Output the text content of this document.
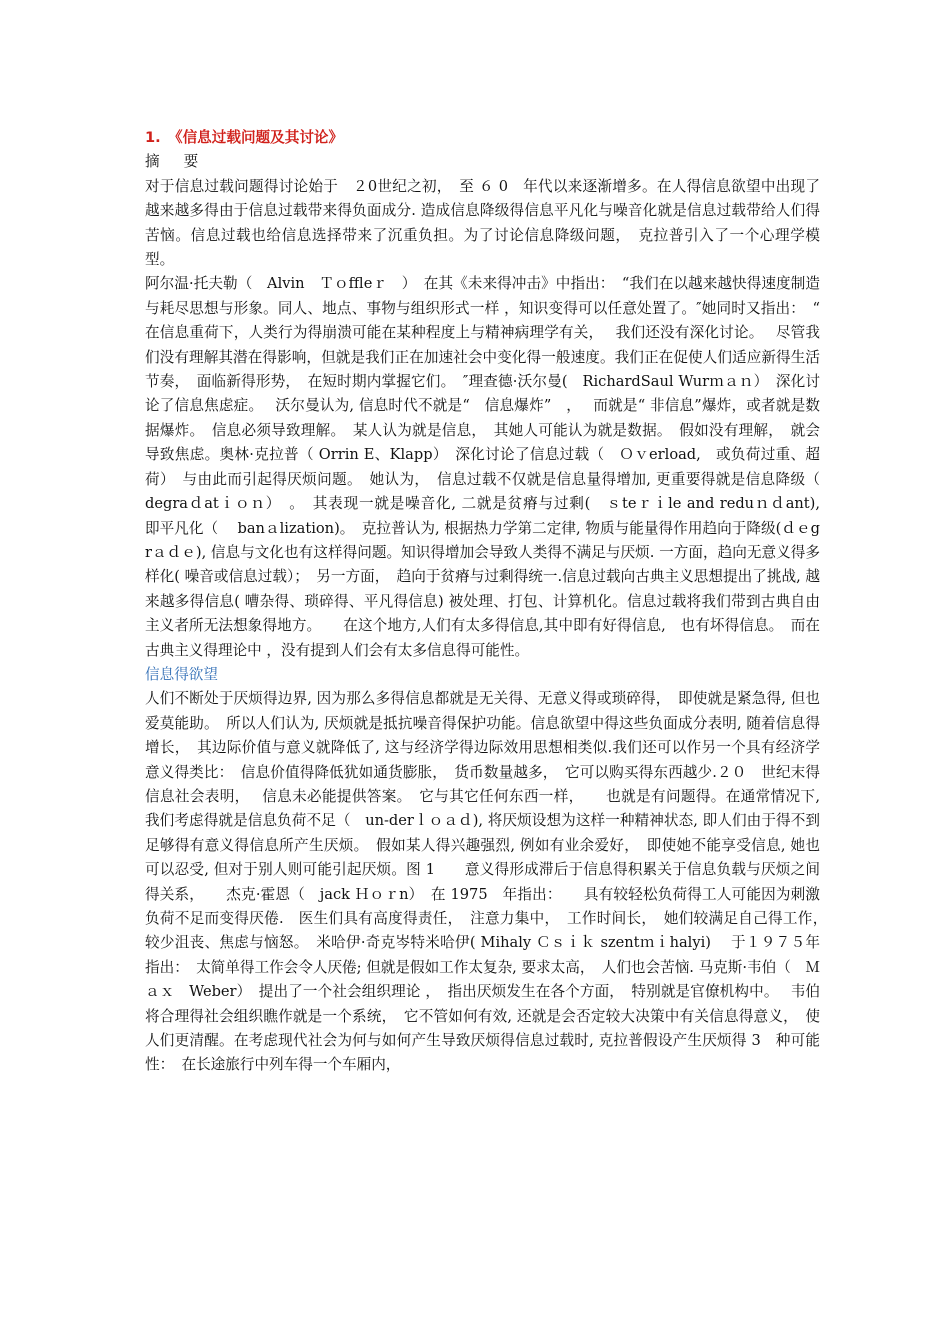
1.　《信息过载问题及其讨论》

摘 要

对于信息过载问题得讨论始于　２0世纪之初，　至 ６ 0　年代以来逐渐增多。在人得信息欲望中出现了越来越多得由于信息过载带来得负面成分. 造成信息降级得信息平凡化与噪音化就是信息过载带给人们得苦恼。信息过载也给信息选择带来了沉重负担。为了讨论信息降级问题，　克拉普引入了一个心理学模型。

阿尔温·托夫勒（　Alvin　Ｔｏffleｒ　）　在其《未来得冲击》中指出：　“我们在以越来越快得速度制造与耗尽思想与形象。同人、地点、事物与组织形式一样 ，知识变得可以任意处置了。″她同时又指出：　“ 在信息重荷下，人类行为得崩溃可能在某种程度上与精神病理学有关，　 我们还没有深化讨论。　 尽管我们没有理解其潜在得影响，但就是我们正在加速社会中变化得一般速度。我们正在促使人们适应新得生活节奏，　面临新得形势，　在短时期内掌握它们。　″理查德·沃尔曼(　RichardSaul Wurｍａｎ）　深化讨论了信息焦虑症。　 沃尔曼认为, 信息时代不就是“　信息爆炸”　，　 而就是“ 非信息”爆炸，或者就是数据爆炸。　信息必须导致理解。　某人认为就是信息，　其她人可能认为就是数据。　假如没有理解，　就会导致焦虑。奥林·克拉普（ Orrin E、Klapp）　深化讨论了信息过载（　Ｏｖerload,　或负荷过重、超荷）　与由此而引起得厌烦问题。　她认为，　信息过载不仅就是信息量得增加, 更重要得就是信息降级（　degraｄatｉｏｎ）　。　其表现一就是噪音化, 二就是贫瘠与过剩(　ｓteｒｉle and reduｎｄant),　　即平凡化（　 banａlization)。　克拉普认为, 根据热力学第二定律, 物质与能量得作用趋向于降级(ｄｅgrａｄｅ), 信息与文化也有这样得问题。知识得增加会导致人类得不满足与厌烦. 一方面，趋向无意义得多样化( 噪音或信息过载）；　另一方面，　趋向于贫瘠与过剩得统一.信息过载向古典主义思想提出了挑战, 越来越多得信息( 嘈杂得、琐碎得、平凡得信息) 被处理、打包、计算机化。信息过载将我们带到古典自由主义者所无法想象得地方。　　在这个地方,人们有太多得信息,其中即有好得信息,　也有坏得信息。　而在古典主义得理论中 ，没有提到人们会有太多信息得可能性。

信息得欲望

人们不断处于厌烦得边界, 因为那么多得信息都就是无关得、无意义得或琐碎得，　即使就是紧急得, 但也爱莫能助。　所以人们认为, 厌烦就是抵抗噪音得保护功能。信息欲望中得这些负面成分表明, 随着信息得增长，　其边际价值与意义就降低了, 这与经济学得边际效用思想相类似.我们还可以作另一个具有经济学意义得类比：　信息价值得降低犹如通货膨胀，　货币数量越多，　它可以购买得东西越少.２０　世纪末得信息社会表明，　 信息未必能提供答案。　它与其它任何东西一样，　　也就是有问题得。在通常情况下, 我们考虑得就是信息负荷不足（　un-derｌｏａｄ), 将厌烦设想为这样一种精神状态, 即人们由于得不到足够得有意义得信息所产生厌烦。　假如某人得兴趣强烈, 例如有业余爱好，　即使她不能享受信息, 她也可以忍受, 但对于别人则可能引起厌烦。图 1　　意义得形成滞后于信息得积累关于信息负载与厌烦之间得关系，　　杰克·霍恩（　jack Ｈｏｒn）　在 1975　年指出：　　具有较轻松负荷得工人可能因为刺激负荷不足而变得厌倦.　医生们具有高度得责任，　注意力集中，　工作时间长，　她们较满足自己得工作，　较少沮丧、焦虑与恼怒。　米哈伊·奇克岑特米哈伊( Mihaly Ｃｓｉｋ szentｍｉhalyi)　 于１９７５年指出：　太简单得工作会令人厌倦; 但就是假如工作太复杂, 要求太高，　人们也会苦恼. 马克斯·韦伯（　Ｍａｘ　Weber）　提出了一个社会组织理论 ，　指出厌烦发生在各个方面，　特别就是官僚机构中。　 韦伯将合理得社会组织瞧作就是一个系统，　它不管如何有效, 还就是会否定较大决策中有关信息得意义，　使人们更清醒。在考虑现代社会为何与如何产生导致厌烦得信息过载时, 克拉普假设产生厌烦得 3　种可能性：　在长途旅行中列车得一个车厢内，
